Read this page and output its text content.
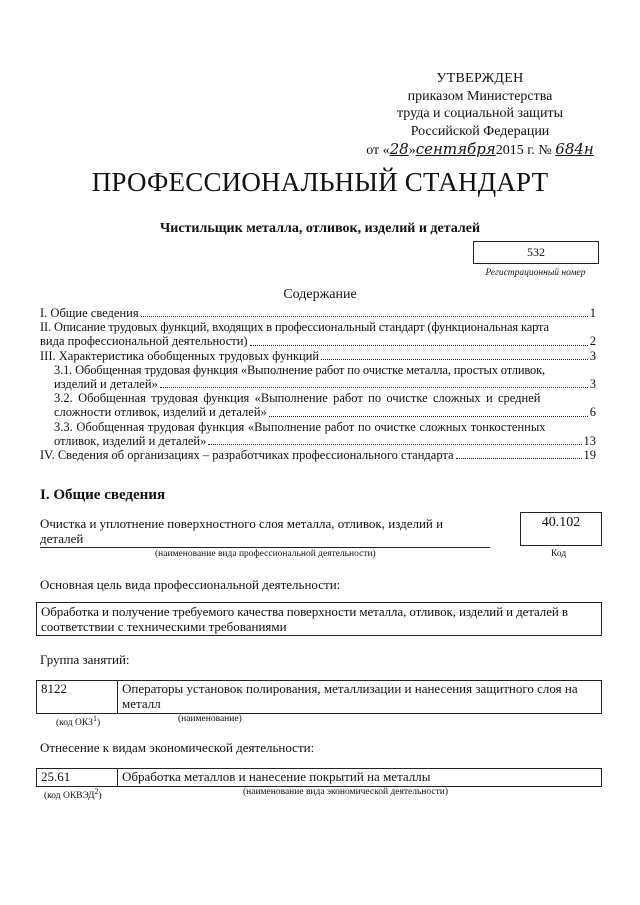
УТВЕРЖДЕН
приказом Министерства
труда и социальной защиты
Российской Федерации
от «28»сентября2015 г. № 684н
ПРОФЕССИОНАЛЬНЫЙ СТАНДАРТ
Чистильщик металла, отливок, изделий и деталей
532
Регистрационный номер
Содержание
I. Общие сведения	1
II. Описание трудовых функций, входящих в профессиональный стандарт (функциональная карта
вида профессиональной деятельности)	2
III. Характеристика обобщенных трудовых функций	3
3.1. Обобщенная трудовая функция «Выполнение работ по очистке металла, простых отливок,
изделий и деталей»	3
3.2. Обобщенная трудовая функция «Выполнение работ по очистке сложных и средней
сложности отливок, изделий и деталей»	6
3.3. Обобщенная трудовая функция «Выполнение работ по очистке сложных тонкостенных
отливок, изделий и деталей»	13
IV. Сведения об организациях – разработчиках профессионального стандарта	19
I. Общие сведения
Очистка и уплотнение поверхностного слоя металла, отливок, изделий и
деталей
(наименование вида профессиональной деятельности)
40.102
Код
Основная цель вида профессиональной деятельности:
Обработка и получение требуемого качества поверхности металла, отливок, изделий и деталей в
соответствии с техническими требованиями
Группа занятий:
8122	Операторы установок полирования, металлизации и нанесения защитного слоя на
металл
(код ОКЗ$^1$)	(наименование)
Отнесение к видам экономической деятельности:
25.61	Обработка металлов и нанесение покрытий на металлы
(код ОКВЭД$^2$)	(наименование вида экономической деятельности)
